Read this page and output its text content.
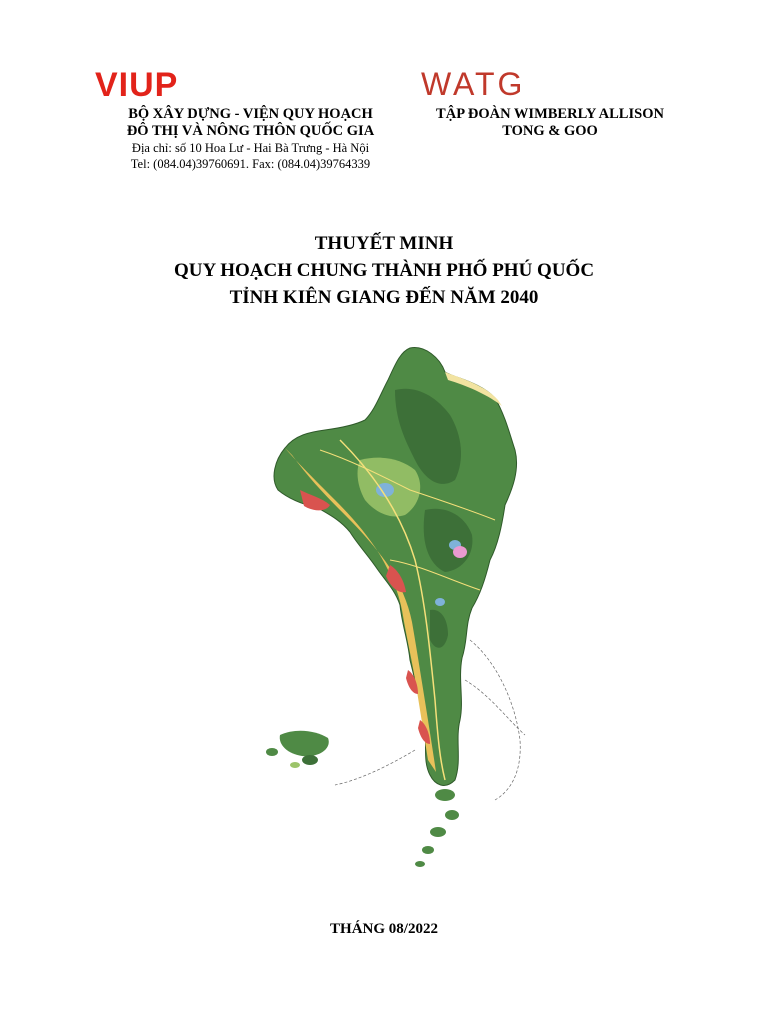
VIUP	WATG
BỘ XÂY DỰNG - VIỆN QUY HOẠCH
ĐÔ THỊ VÀ NÔNG THÔN QUỐC GIA
Địa chỉ: số 10 Hoa Lư - Hai Bà Trưng - Hà Nội
Tel: (084.04)39760691. Fax: (084.04)39764339
TẬP ĐOÀN WIMBERLY ALLISON
TONG & GOO
THUYẾT MINH
QUY HOẠCH CHUNG THÀNH PHỐ PHÚ QUỐC
TỈNH KIÊN GIANG ĐẾN NĂM 2040
THÁNG 08/2022
